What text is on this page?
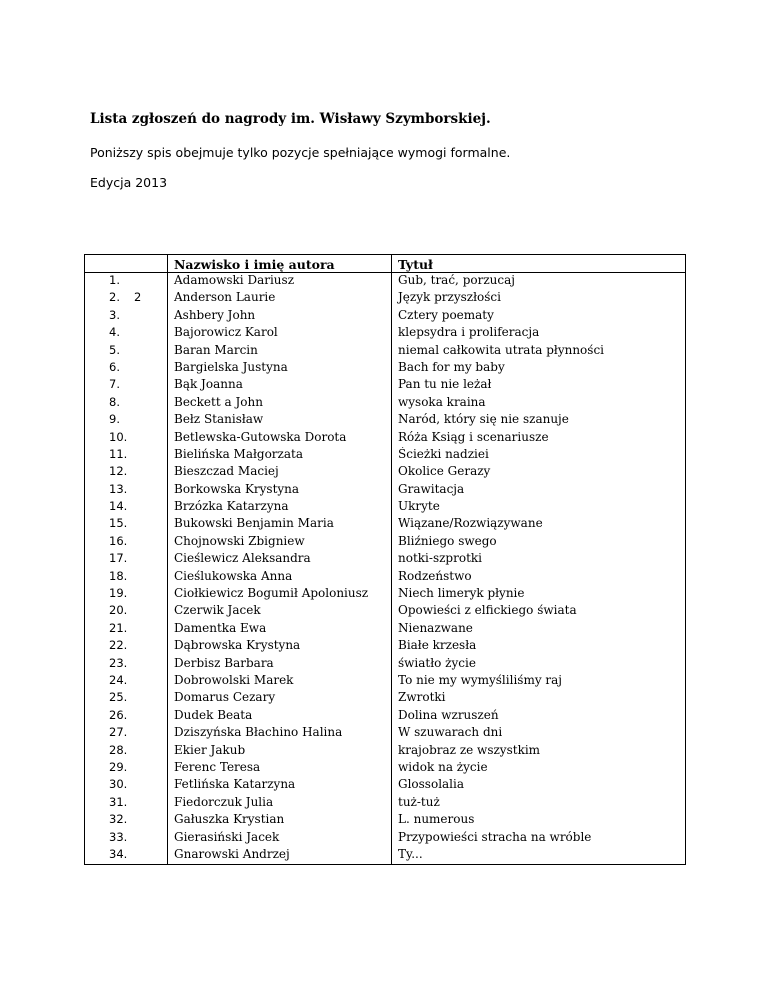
Lista zgłoszeń do nagrody im. Wisławy Szymborskiej.
Poniższy spis obejmuje tylko pozycje spełniające wymogi formalne.
Edycja 2013
	Nazwisko i imię autora	Tytuł
1.	Adamowski Dariusz	Gub, trać, porzucaj
2. 2	Anderson Laurie	Język przyszłości
3.	Ashbery John	Cztery poematy
4.	Bajorowicz Karol	klepsydra i proliferacja
5.	Baran Marcin	niemal całkowita utrata płynności
6.	Bargielska Justyna	Bach for my baby
7.	Bąk Joanna	Pan tu nie leżał
8.	Beckett a John	wysoka kraina
9.	Bełz Stanisław	Naród, który się nie szanuje
10.	Betlewska-Gutowska Dorota	Róża Ksiąg i scenariusze
11.	Bielińska Małgorzata	Ścieżki nadziei
12.	Bieszczad Maciej	Okolice Gerazy
13.	Borkowska Krystyna	Grawitacja
14.	Brzózka Katarzyna	Ukryte
15.	Bukowski Benjamin Maria	Wiązane/Rozwiązywane
16.	Chojnowski Zbigniew	Bliźniego swego
17.	Cieślewicz Aleksandra	notki-szprotki
18.	Cieślukowska Anna	Rodzeństwo
19.	Ciołkiewicz Bogumił Apoloniusz	Niech limeryk płynie
20.	Czerwik Jacek	Opowieści z elfickiego świata
21.	Damentka Ewa	Nienazwane
22.	Dąbrowska Krystyna	Białe krzesła
23.	Derbisz Barbara	światło życie
24.	Dobrowolski Marek	To nie my wymyśliliśmy raj
25.	Domarus Cezary	Zwrotki
26.	Dudek Beata	Dolina wzruszeń
27.	Dziszyńska Błachino Halina	W szuwarach dni
28.	Ekier Jakub	krajobraz ze wszystkim
29.	Ferenc Teresa	widok na życie
30.	Fetlińska Katarzyna	Glossolalia
31.	Fiedorczuk Julia	tuż-tuż
32.	Gałuszka Krystian	L. numerous
33.	Gierasiński Jacek	Przypowieści stracha na wróble
34.	Gnarowski Andrzej	Ty...
